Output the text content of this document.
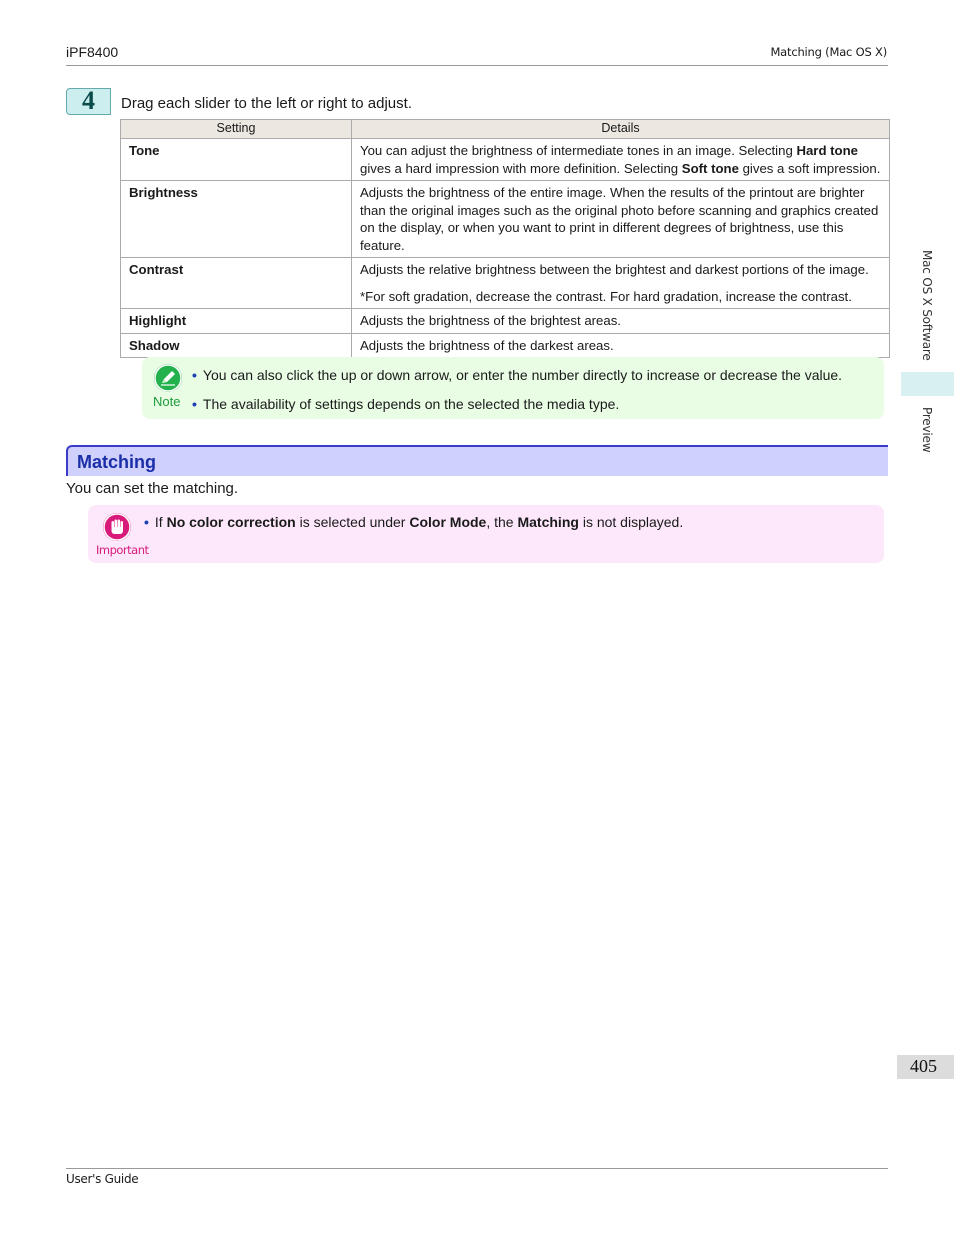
iPF8400	Matching (Mac OS X)
4 Drag each slider to the left or right to adjust.
Setting	Details
Tone	You can adjust the brightness of intermediate tones in an image. Selecting Hard tone gives a hard impression with more definition. Selecting Soft tone gives a soft impression.

Brightness	Adjusts the brightness of the entire image. When the results of the printout are brighter than the original images such as the original photo before scanning and graphics created on the display, or when you want to print in different degrees of brightness, use this feature.

Contrast	Adjusts the relative brightness between the brightest and darkest portions of the image.

*For soft gradation, decrease the contrast. For hard gradation, increase the contrast.

Highlight	Adjusts the brightness of the brightest areas.

Shadow	Adjusts the brightness of the darkest areas.

Note
• You can also click the up or down arrow, or enter the number directly to increase or decrease the value.
• The availability of settings depends on the selected the media type.
Matching
You can set the matching.
Important
• If No color correction is selected under Color Mode, the Matching is not displayed.
Mac OS X Software
Preview
405
User's Guide
